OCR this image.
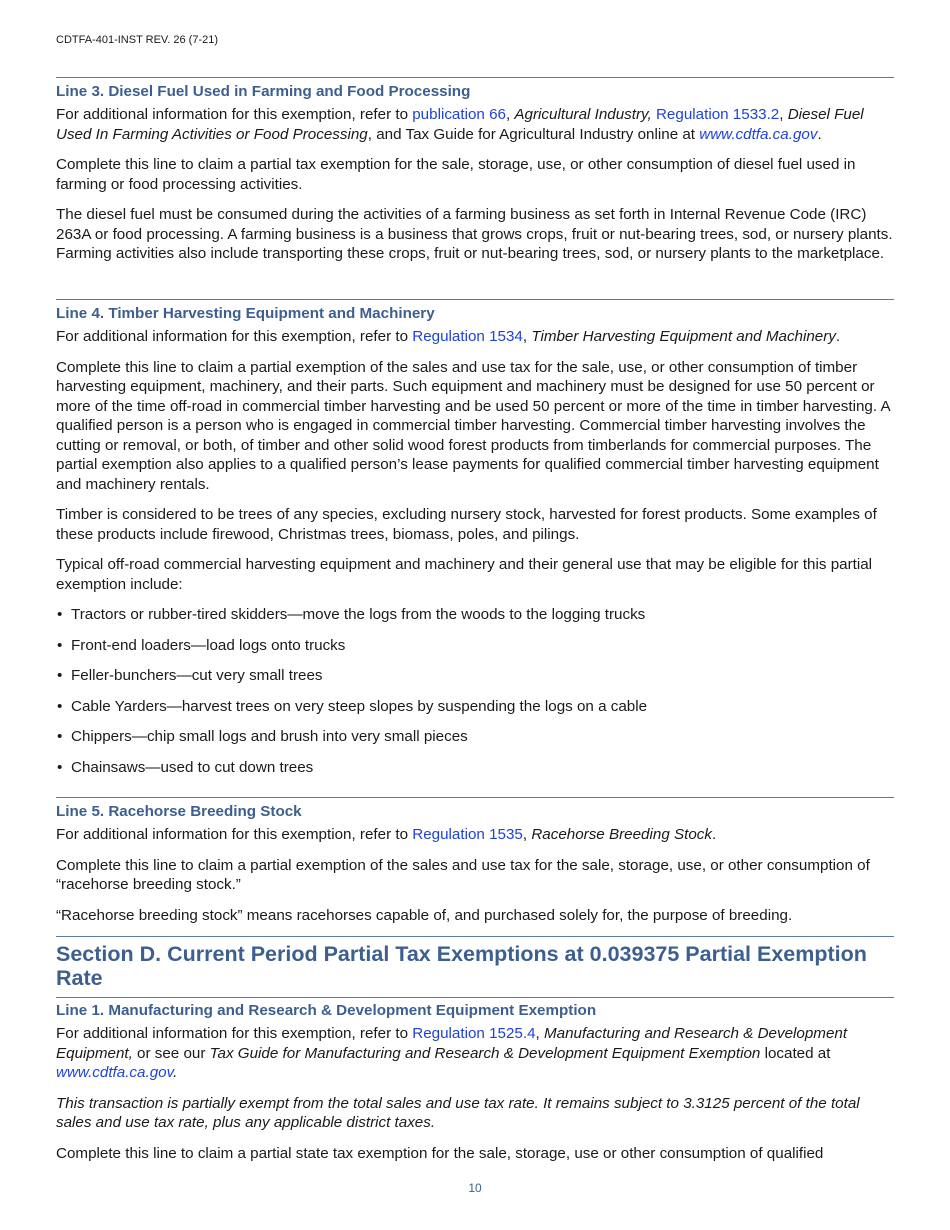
CDTFA-401-INST REV. 26 (7-21)
Line 3. Diesel Fuel Used in Farming and Food Processing

For additional information for this exemption, refer to publication 66, Agricultural Industry, Regulation 1533.2, Diesel Fuel Used In Farming Activities or Food Processing, and Tax Guide for Agricultural Industry online at www.cdtfa.ca.gov.

Complete this line to claim a partial tax exemption for the sale, storage, use, or other consumption of diesel fuel used in farming or food processing activities.

The diesel fuel must be consumed during the activities of a farming business as set forth in Internal Revenue Code (IRC) 263A or food processing. A farming business is a business that grows crops, fruit or nut-bearing trees, sod, or nursery plants. Farming activities also include transporting these crops, fruit or nut-bearing trees, sod, or nursery plants to the marketplace.

Line 4. Timber Harvesting Equipment and Machinery

For additional information for this exemption, refer to Regulation 1534, Timber Harvesting Equipment and Machinery.

Complete this line to claim a partial exemption of the sales and use tax for the sale, use, or other consumption of timber harvesting equipment, machinery, and their parts. Such equipment and machinery must be designed for use 50 percent or more of the time off-road in commercial timber harvesting and be used 50 percent or more of the time in timber harvesting. A qualified person is a person who is engaged in commercial timber harvesting. Commercial timber harvesting involves the cutting or removal, or both, of timber and other solid wood forest products from timberlands for commercial purposes. The partial exemption also applies to a qualified person’s lease payments for qualified commercial timber harvesting equipment and machinery rentals.

Timber is considered to be trees of any species, excluding nursery stock, harvested for forest products. Some examples of these products include firewood, Christmas trees, biomass, poles, and pilings.

Typical off-road commercial harvesting equipment and machinery and their general use that may be eligible for this partial exemption include:

• Tractors or rubber-tired skidders—move the logs from the woods to the logging trucks
• Front-end loaders—load logs onto trucks
• Feller-bunchers—cut very small trees
• Cable Yarders—harvest trees on very steep slopes by suspending the logs on a cable
• Chippers—chip small logs and brush into very small pieces
• Chainsaws—used to cut down trees
Line 5. Racehorse Breeding Stock

For additional information for this exemption, refer to Regulation 1535, Racehorse Breeding Stock.

Complete this line to claim a partial exemption of the sales and use tax for the sale, storage, use, or other consumption of “racehorse breeding stock.”

“Racehorse breeding stock” means racehorses capable of, and purchased solely for, the purpose of breeding.

Section D. Current Period Partial Tax Exemptions at 0.039375 Partial Exemption Rate
Line 1. Manufacturing and Research & Development Equipment Exemption

For additional information for this exemption, refer to Regulation 1525.4, Manufacturing and Research & Development Equipment, or see our Tax Guide for Manufacturing and Research & Development Equipment Exemption located at www.cdtfa.ca.gov.

This transaction is partially exempt from the total sales and use tax rate. It remains subject to 3.3125 percent of the total sales and use tax rate, plus any applicable district taxes.

Complete this line to claim a partial state tax exemption for the sale, storage, use or other consumption of qualified

10
